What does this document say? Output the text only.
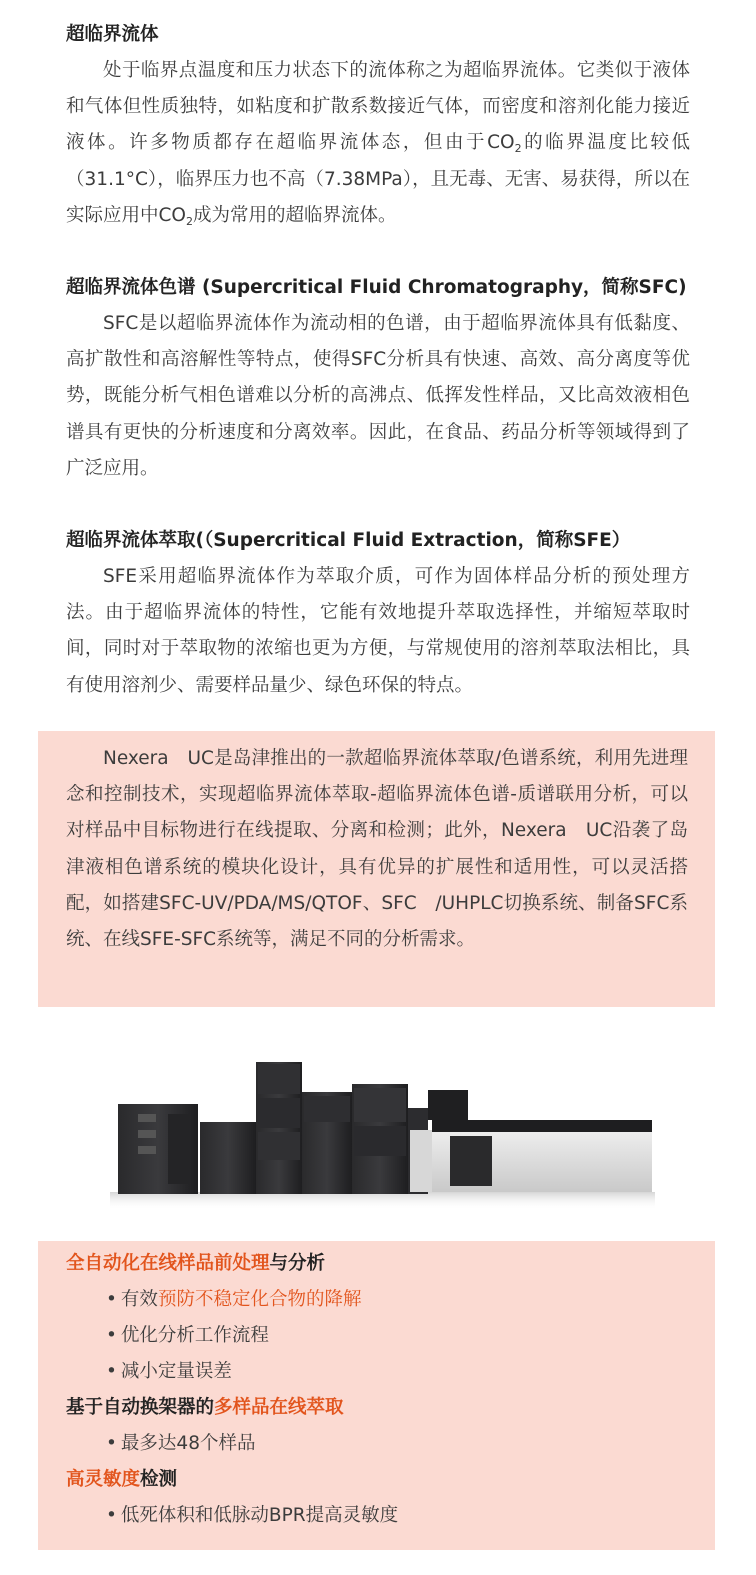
超临界流体

处于临界点温度和压力状态下的流体称之为超临界流体。它类似于液体和气体但性质独特，如粘度和扩散系数接近气体，而密度和溶剂化能力接近液体。许多物质都存在超临界流体态，但由于$CO_2$的临界温度比较低（31.1°C），临界压力也不高（7.38MPa），且无毒、无害、易获得，所以在实际应用中$CO_2$成为常用的超临界流体。

超临界流体色谱 (Supercritical Fluid Chromatography，简称SFC)

SFC是以超临界流体作为流动相的色谱，由于超临界流体具有低黏度、高扩散性和高溶解性等特点，使得SFC分析具有快速、高效、高分离度等优势，既能分析气相色谱难以分析的高沸点、低挥发性样品，又比高效液相色谱具有更快的分析速度和分离效率。因此，在食品、药品分析等领域得到了广泛应用。

超临界流体萃取(（Supercritical Fluid Extraction，简称SFE）

SFE采用超临界流体作为萃取介质，可作为固体样品分析的预处理方法。由于超临界流体的特性，它能有效地提升萃取选择性，并缩短萃取时间，同时对于萃取物的浓缩也更为方便，与常规使用的溶剂萃取法相比，具有使用溶剂少、需要样品量少、绿色环保的特点。

Nexera　UC是岛津推出的一款超临界流体萃取/色谱系统，利用先进理念和控制技术，实现超临界流体萃取-超临界流体色谱-质谱联用分析，可以对样品中目标物进行在线提取、分离和检测；此外，Nexera　UC沿袭了岛津液相色谱系统的模块化设计，具有优异的扩展性和适用性，可以灵活搭配，如搭建SFC-UV/PDA/MS/QTOF、SFC　/UHPLC切换系统、制备SFC系统、在线SFE-SFC系统等，满足不同的分析需求。

全自动化在线样品前处理与分析
• 有效预防不稳定化合物的降解
• 优化分析工作流程
• 减小定量误差
基于自动换架器的多样品在线萃取
• 最多达48个样品
高灵敏度检测
• 低死体积和低脉动BPR提高灵敏度
